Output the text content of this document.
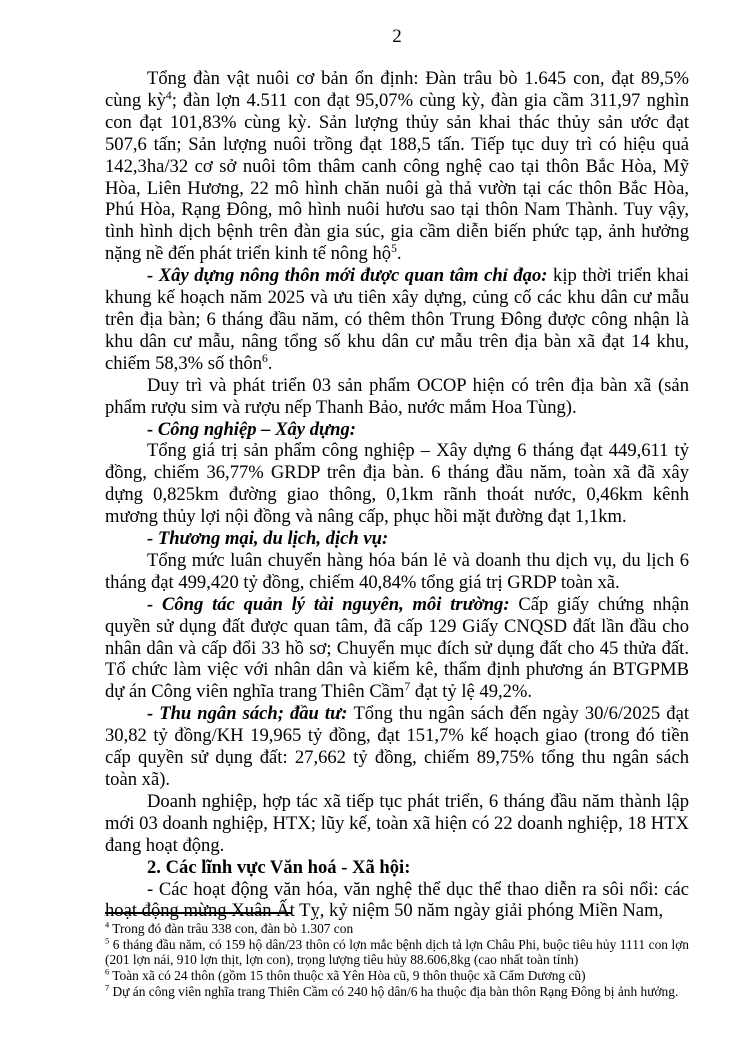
2

Tổng đàn vật nuôi cơ bản ổn định: Đàn trâu bò 1.645 con, đạt 89,5% cùng kỳ$^4$; đàn lợn 4.511 con đạt 95,07% cùng kỳ, đàn gia cầm 311,97 nghìn con đạt 101,83% cùng kỳ. Sản lượng thủy sản khai thác thủy sản ước đạt 507,6 tấn; Sản lượng nuôi trồng đạt 188,5 tấn. Tiếp tục duy trì có hiệu quả 142,3ha/32 cơ sở nuôi tôm thâm canh công nghệ cao tại thôn Bắc Hòa, Mỹ Hòa, Liên Hương, 22 mô hình chăn nuôi gà thả vườn tại các thôn Bắc Hòa, Phú Hòa, Rạng Đông, mô hình nuôi hươu sao tại thôn Nam Thành. Tuy vậy, tình hình dịch bệnh trên đàn gia súc, gia cầm diễn biến phức tạp, ảnh hưởng nặng nề đến phát triển kinh tế nông hộ$^5$.

- Xây dựng nông thôn mới được quan tâm chỉ đạo: kịp thời triển khai khung kế hoạch năm 2025 và ưu tiên xây dựng, củng cố các khu dân cư mẫu trên địa bàn; 6 tháng đầu năm, có thêm thôn Trung Đông được công nhận là khu dân cư mẫu, nâng tổng số khu dân cư mẫu trên địa bàn xã đạt 14 khu, chiếm 58,3% số thôn$^6$.

Duy trì và phát triển 03 sản phẩm OCOP hiện có trên địa bàn xã (sản phẩm rượu sim và rượu nếp Thanh Bảo, nước mắm Hoa Tùng).

- Công nghiệp – Xây dựng:

Tổng giá trị sản phẩm công nghiệp – Xây dựng 6 tháng đạt 449,611 tỷ đồng, chiếm 36,77% GRDP trên địa bàn. 6 tháng đầu năm, toàn xã đã xây dựng 0,825km đường giao thông, 0,1km rãnh thoát nước, 0,46km kênh mương thủy lợi nội đồng và nâng cấp, phục hồi mặt đường đạt 1,1km.

- Thương mại, du lịch, dịch vụ:

Tổng mức luân chuyển hàng hóa bán lẻ và doanh thu dịch vụ, du lịch 6 tháng đạt 499,420 tỷ đồng, chiếm 40,84% tổng giá trị GRDP toàn xã.

- Công tác quản lý tài nguyên, môi trường: Cấp giấy chứng nhận quyền sử dụng đất được quan tâm, đã cấp 129 Giấy CNQSD đất lần đầu cho nhân dân và cấp đổi 33 hồ sơ; Chuyển mục đích sử dụng đất cho 45 thửa đất. Tổ chức làm việc với nhân dân và kiểm kê, thẩm định phương án BTGPMB dự án Công viên nghĩa trang Thiên Cầm$^7$ đạt tỷ lệ 49,2%.

- Thu ngân sách; đầu tư: Tổng thu ngân sách đến ngày 30/6/2025 đạt 30,82 tỷ đồng/KH 19,965 tỷ đồng, đạt 151,7% kế hoạch giao (trong đó tiền cấp quyền sử dụng đất: 27,662 tỷ đồng, chiếm 89,75% tổng thu ngân sách toàn xã).

Doanh nghiệp, hợp tác xã tiếp tục phát triển, 6 tháng đầu năm thành lập mới 03 doanh nghiệp, HTX; lũy kế, toàn xã hiện có 22 doanh nghiệp, 18 HTX đang hoạt động.

2. Các lĩnh vực Văn hoá - Xã hội:

- Các hoạt động văn hóa, văn nghệ thể dục thể thao diễn ra sôi nổi: các hoạt động mừng Xuân Ất Tỵ, kỷ niệm 50 năm ngày giải phóng Miền Nam,

$^4$ Trong đó đàn trâu 338 con, đàn bò 1.307 con
$^5$ 6 tháng đầu năm, có 159 hộ dân/23 thôn có lợn mắc bệnh dịch tả lợn Châu Phi, buộc tiêu hủy 1111 con lợn (201 lợn nái, 910 lợn thịt, lợn con), trọng lượng tiêu hủy 88.606,8kg (cao nhất toàn tỉnh)
$^6$ Toàn xã có 24 thôn (gồm 15 thôn thuộc xã Yên Hòa cũ, 9 thôn thuộc xã Cẩm Dương cũ)
$^7$ Dự án công viên nghĩa trang Thiên Cầm có 240 hộ dân/6 ha thuộc địa bàn thôn Rạng Đông bị ảnh hưởng.
